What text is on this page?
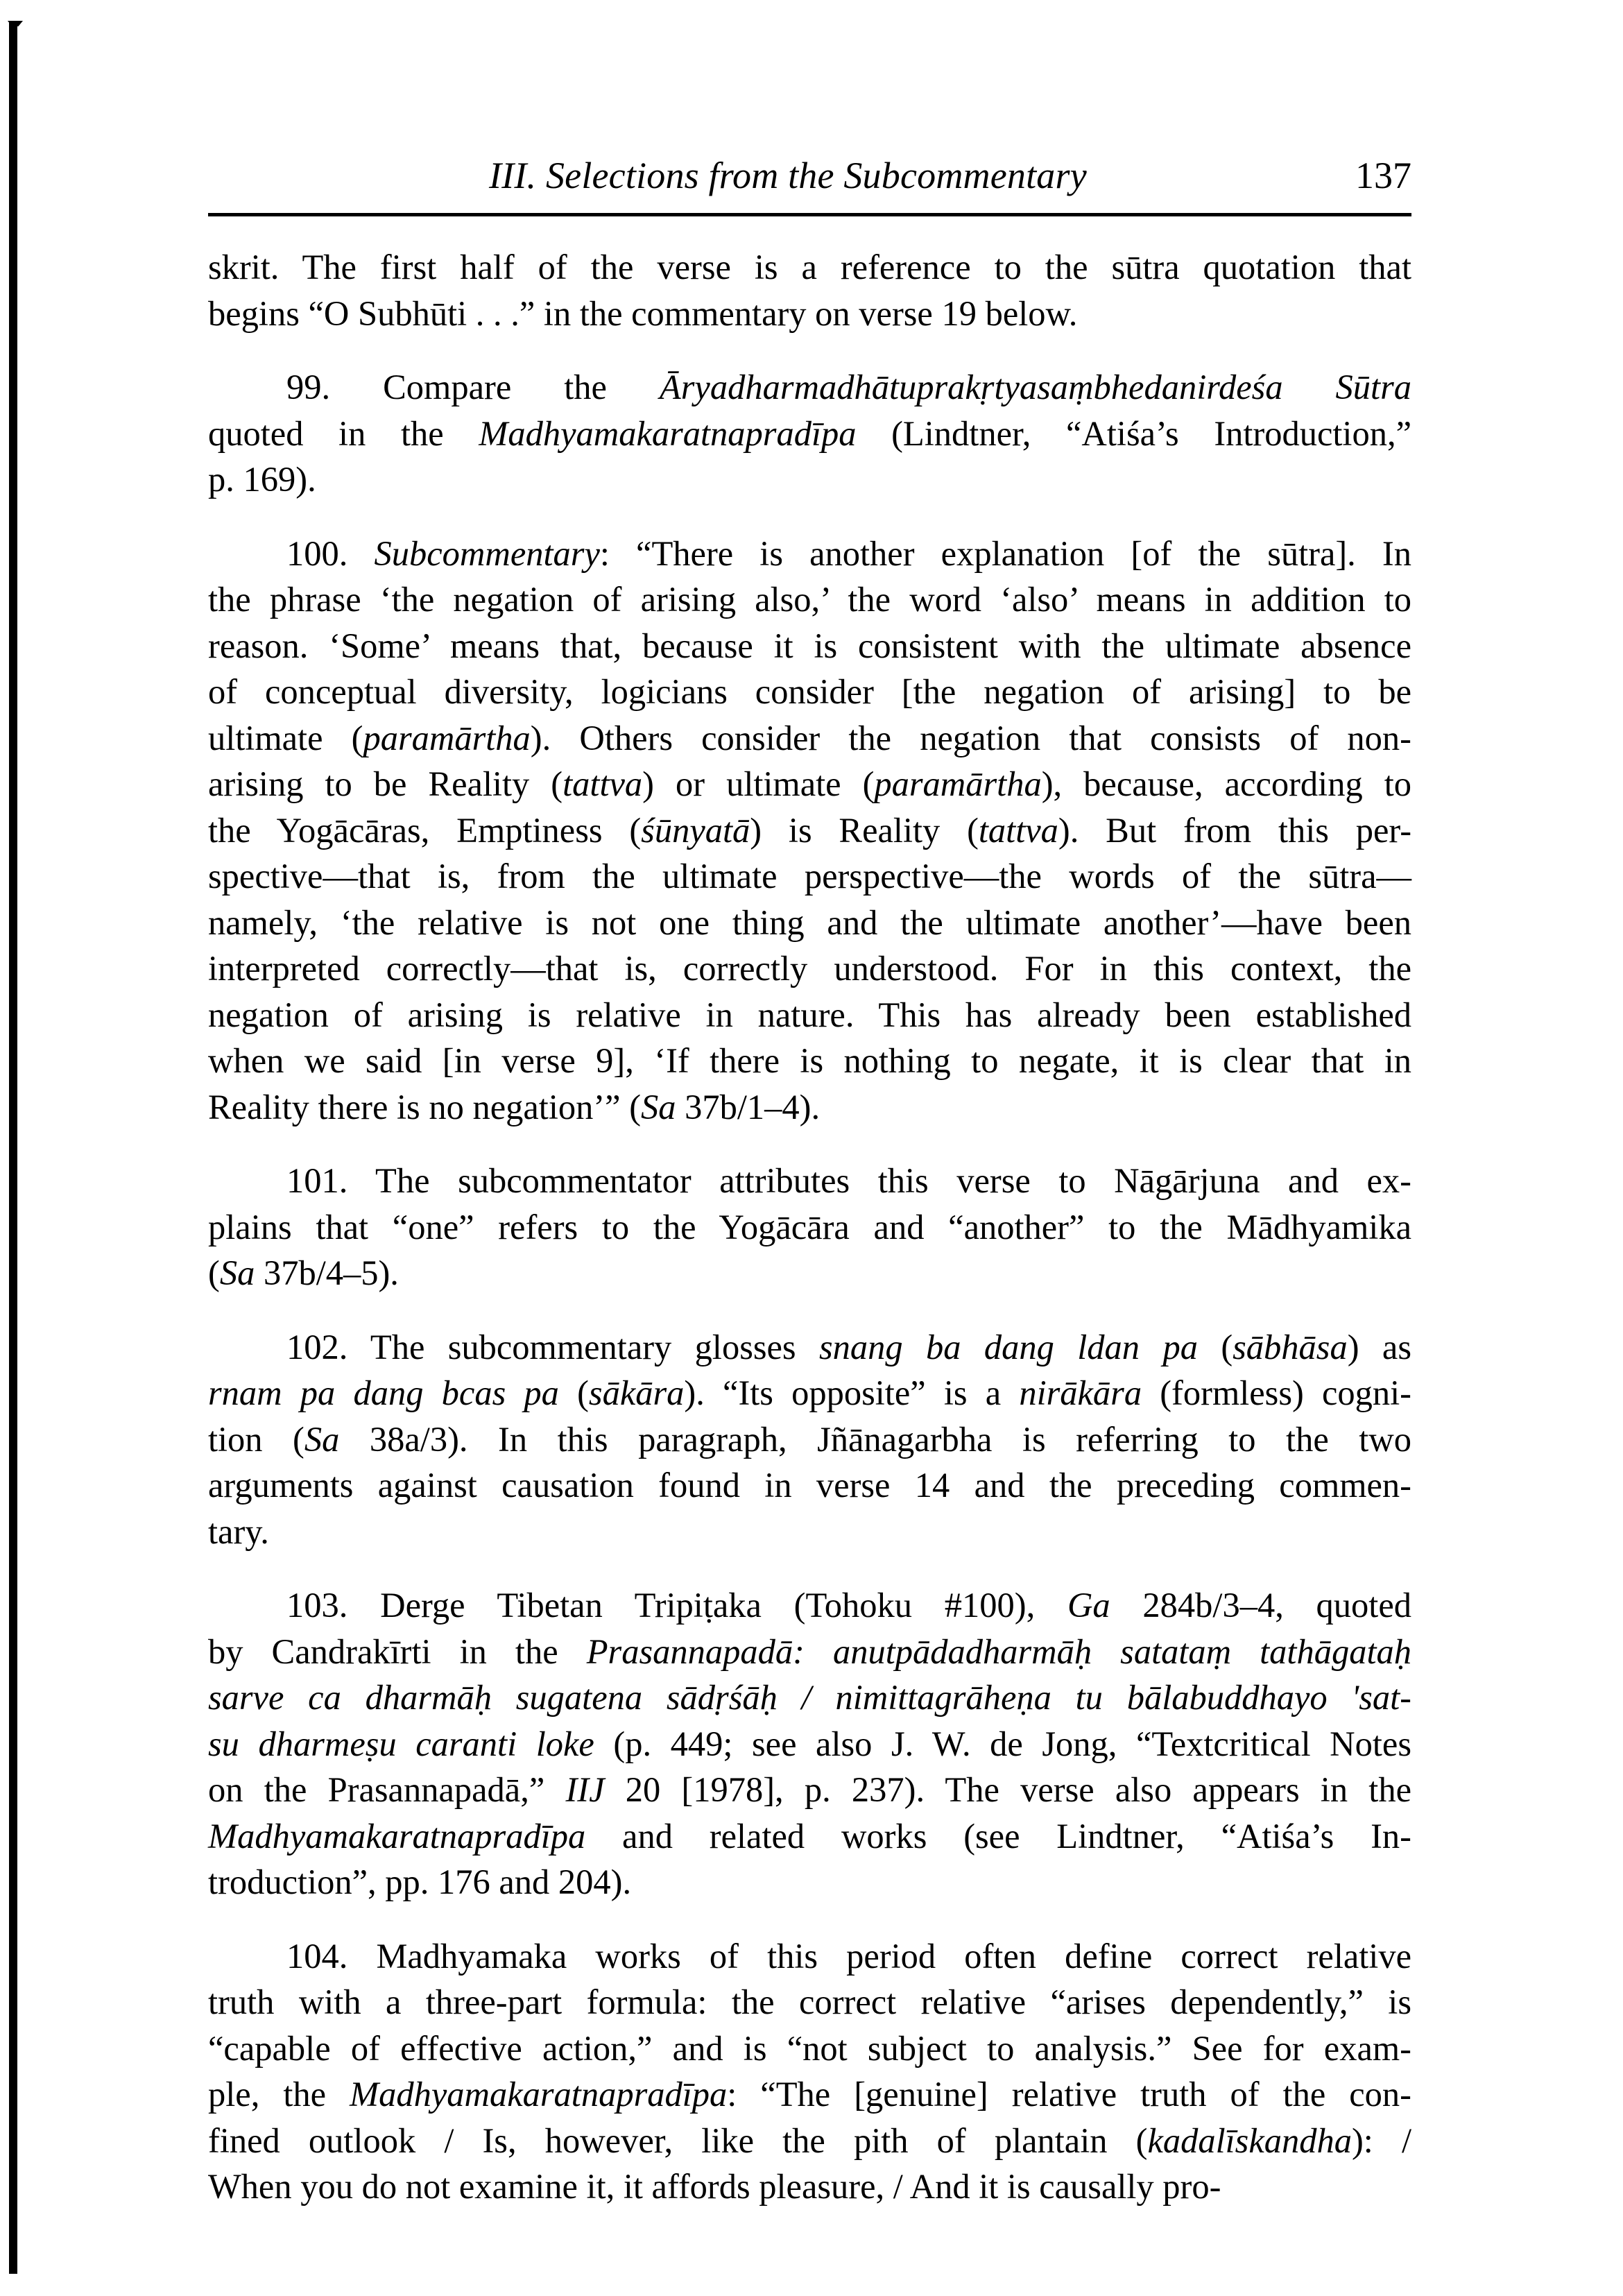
III. Selections from the Subcommentary	137
skrit. The first half of the verse is a reference to the sūtra quotation that
begins “O Subhūti . . .” in the commentary on verse 19 below.
99. Compare the Āryadharmadhātuprakṛtyasaṃbhedanirdeśa Sūtra
quoted in the Madhyamakaratnapradīpa (Lindtner, “Atiśa’s Introduction,”
p. 169).
100. Subcommentary: “There is another explanation [of the sūtra]. In
the phrase ‘the negation of arising also,’ the word ‘also’ means in addition to
reason. ‘Some’ means that, because it is consistent with the ultimate absence
of conceptual diversity, logicians consider [the negation of arising] to be
ultimate (paramārtha). Others consider the negation that consists of non-
arising to be Reality (tattva) or ultimate (paramārtha), because, according to
the Yogācāras, Emptiness (śūnyatā) is Reality (tattva). But from this per-
spective—that is, from the ultimate perspective—the words of the sūtra—
namely, ‘the relative is not one thing and the ultimate another’—have been
interpreted correctly—that is, correctly understood. For in this context, the
negation of arising is relative in nature. This has already been established
when we said [in verse 9], ‘If there is nothing to negate, it is clear that in
Reality there is no negation’” (Sa 37b/1–4).
101. The subcommentator attributes this verse to Nāgārjuna and ex-
plains that “one” refers to the Yogācāra and “another” to the Mādhyamika
(Sa 37b/4–5).
102. The subcommentary glosses snang ba dang ldan pa (sābhāsa) as
rnam pa dang bcas pa (sākāra). “Its opposite” is a nirākāra (formless) cogni-
tion (Sa 38a/3). In this paragraph, Jñānagarbha is referring to the two
arguments against causation found in verse 14 and the preceding commen-
tary.
103. Derge Tibetan Tripiṭaka (Tohoku #100), Ga 284b/3–4, quoted
by Candrakīrti in the Prasannapadā: anutpādadharmāḥ satataṃ tathāgataḥ
sarve ca dharmāḥ sugatena sādṛśāḥ / nimittagrāheṇa tu bālabuddhayo 'sat-
su dharmeṣu caranti loke (p. 449; see also J. W. de Jong, “Textcritical Notes
on the Prasannapadā,” IIJ 20 [1978], p. 237). The verse also appears in the
Madhyamakaratnapradīpa and related works (see Lindtner, “Atiśa’s In-
troduction”, pp. 176 and 204).
104. Madhyamaka works of this period often define correct relative
truth with a three-part formula: the correct relative “arises dependently,” is
“capable of effective action,” and is “not subject to analysis.” See for exam-
ple, the Madhyamakaratnapradīpa: “The [genuine] relative truth of the con-
fined outlook / Is, however, like the pith of plantain (kadalīskandha): /
When you do not examine it, it affords pleasure, / And it is causally pro-
